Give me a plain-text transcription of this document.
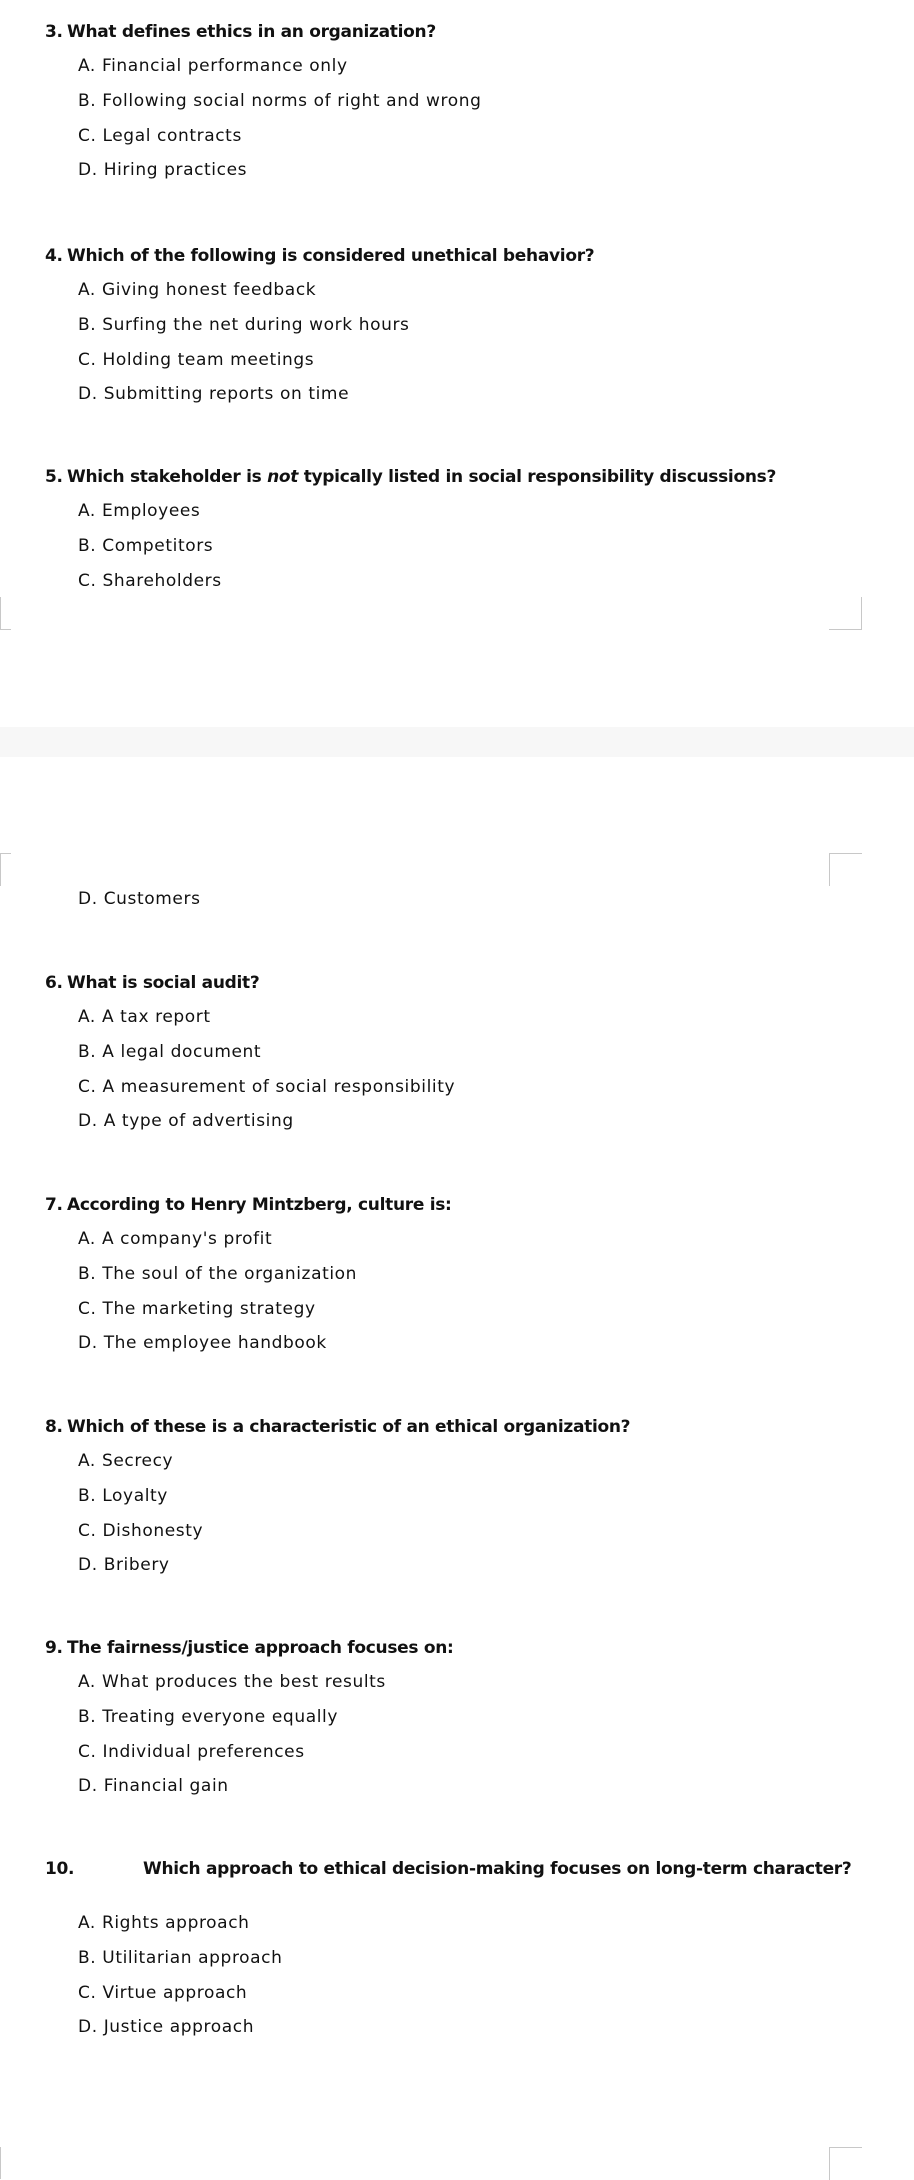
3. What defines ethics in an organization?
A. Financial performance only
B. Following social norms of right and wrong
C. Legal contracts
D. Hiring practices
4. Which of the following is considered unethical behavior?
A. Giving honest feedback
B. Surfing the net during work hours
C. Holding team meetings
D. Submitting reports on time
5. Which stakeholder is not typically listed in social responsibility discussions?
A. Employees
B. Competitors
C. Shareholders
D. Customers
6. What is social audit?
A. A tax report
B. A legal document
C. A measurement of social responsibility
D. A type of advertising
7. According to Henry Mintzberg, culture is:
A. A company's profit
B. The soul of the organization
C. The marketing strategy
D. The employee handbook
8. Which of these is a characteristic of an ethical organization?
A. Secrecy
B. Loyalty
C. Dishonesty
D. Bribery
9. The fairness/justice approach focuses on:
A. What produces the best results
B. Treating everyone equally
C. Individual preferences
D. Financial gain
10.	Which approach to ethical decision-making focuses on long-term character?
A. Rights approach
B. Utilitarian approach
C. Virtue approach
D. Justice approach
